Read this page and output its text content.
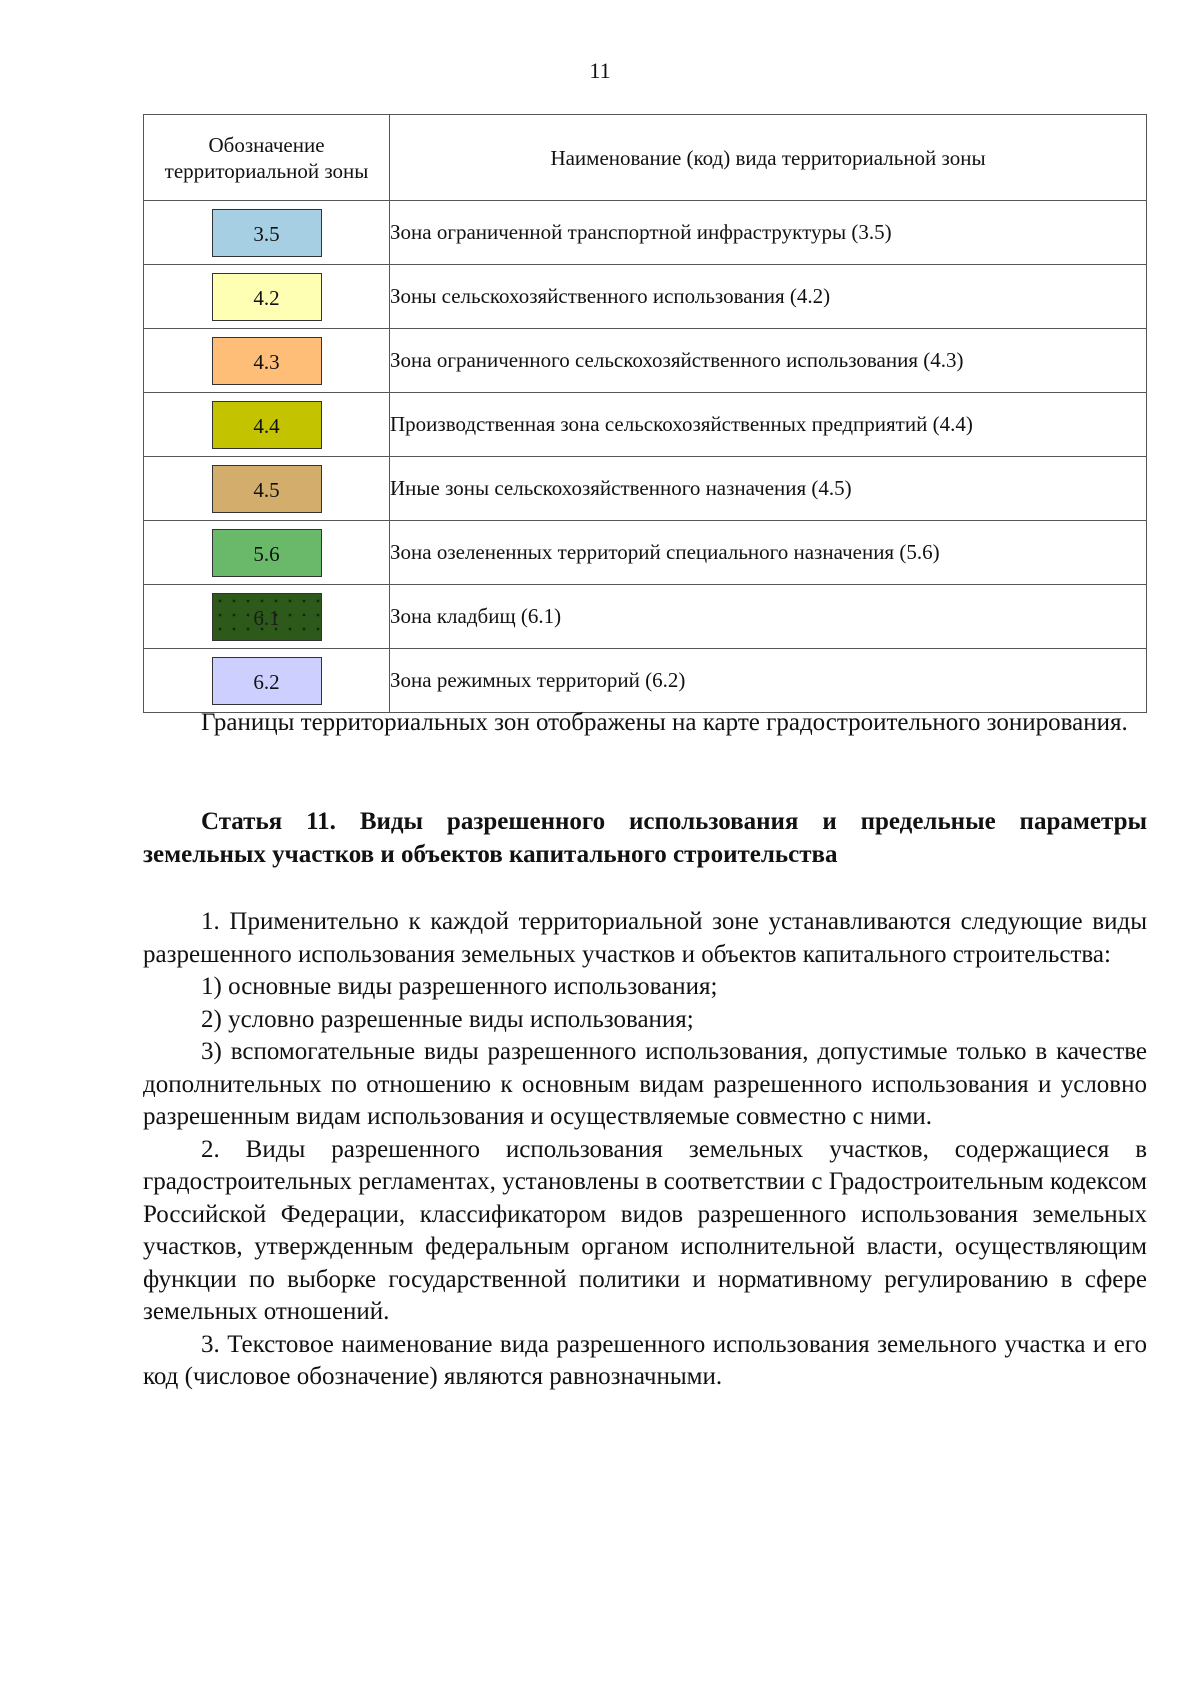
11
Обозначение территориальной зоны	Наименование (код) вида территориальной зоны
3.5	Зона ограниченной транспортной инфраструктуры (3.5)
4.2	Зоны сельскохозяйственного использования (4.2)
4.3	Зона ограниченного сельскохозяйственного использования (4.3)
4.4	Производственная зона сельскохозяйственных предприятий (4.4)
4.5	Иные зоны сельскохозяйственного назначения (4.5)
5.6	Зона озелененных территорий специального назначения (5.6)
6.1	Зона кладбищ (6.1)
6.2	Зона режимных территорий (6.2)

Границы территориальных зон отображены на карте градостроительного зонирования.

Статья 11. Виды разрешенного использования и предельные параметры земельных участков и объектов капитального строительства

1. Применительно к каждой территориальной зоне устанавливаются следующие виды разрешенного использования земельных участков и объектов капитального строительства:

1) основные виды разрешенного использования;

2) условно разрешенные виды использования;

3) вспомогательные виды разрешенного использования, допустимые только в качестве дополнительных по отношению к основным видам разрешенного использования и условно разрешенным видам использования и осуществляемые совместно с ними.

2. Виды разрешенного использования земельных участков, содержащиеся в градостроительных регламентах, установлены в соответствии с Градостроительным кодексом Российской Федерации, классификатором видов разрешенного использования земельных участков, утвержденным федеральным органом исполнительной власти, осуществляющим функции по выборке государственной политики и нормативному регулированию в сфере земельных отношений.

3. Текстовое наименование вида разрешенного использования земельного участка и его код (числовое обозначение) являются равнозначными.
